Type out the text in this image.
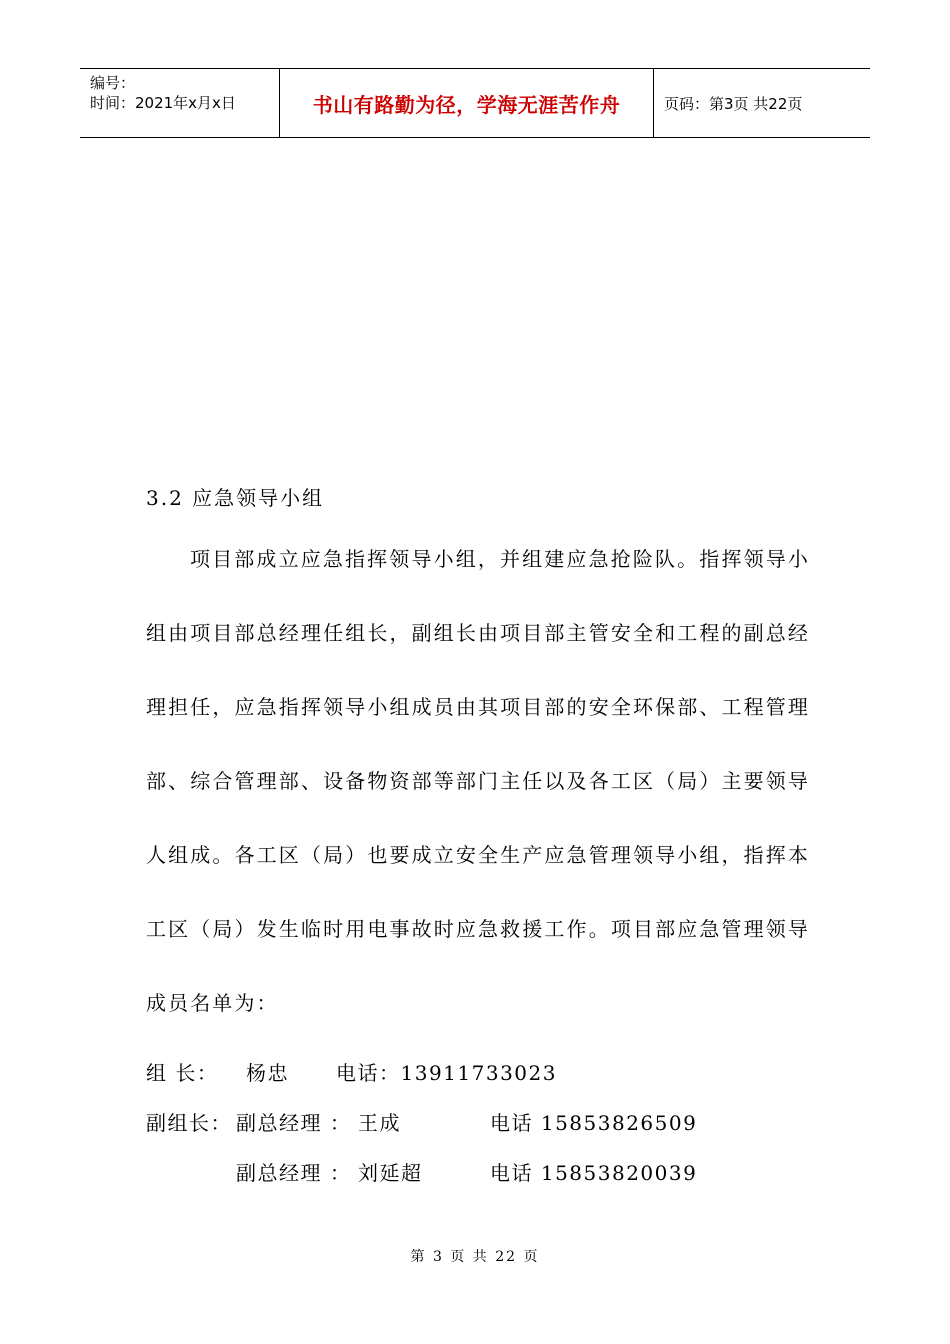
编号：
时间：2021年x月x日	书山有路勤为径，学海无涯苦作舟	页码：第3页 共22页
3.2 应急领导小组
项目部成立应急指挥领导小组，并组建应急抢险队。指挥领导小组由项目部总经理任组长，副组长由项目部主管安全和工程的副总经理担任，应急指挥领导小组成员由其项目部的安全环保部、工程管理部、综合管理部、设备物资部等部门主任以及各工区（局）主要领导人组成。各工区（局）也要成立安全生产应急管理领导小组，指挥本工区（局）发生临时用电事故时应急救援工作。项目部应急管理领导成员名单为：
组 长： 杨忠 电话：13911733023
副组长： 副总经理 ： 王成	电话 15853826509
副总经理 ： 刘延超	电话 15853820039
第 3 页 共 22 页
